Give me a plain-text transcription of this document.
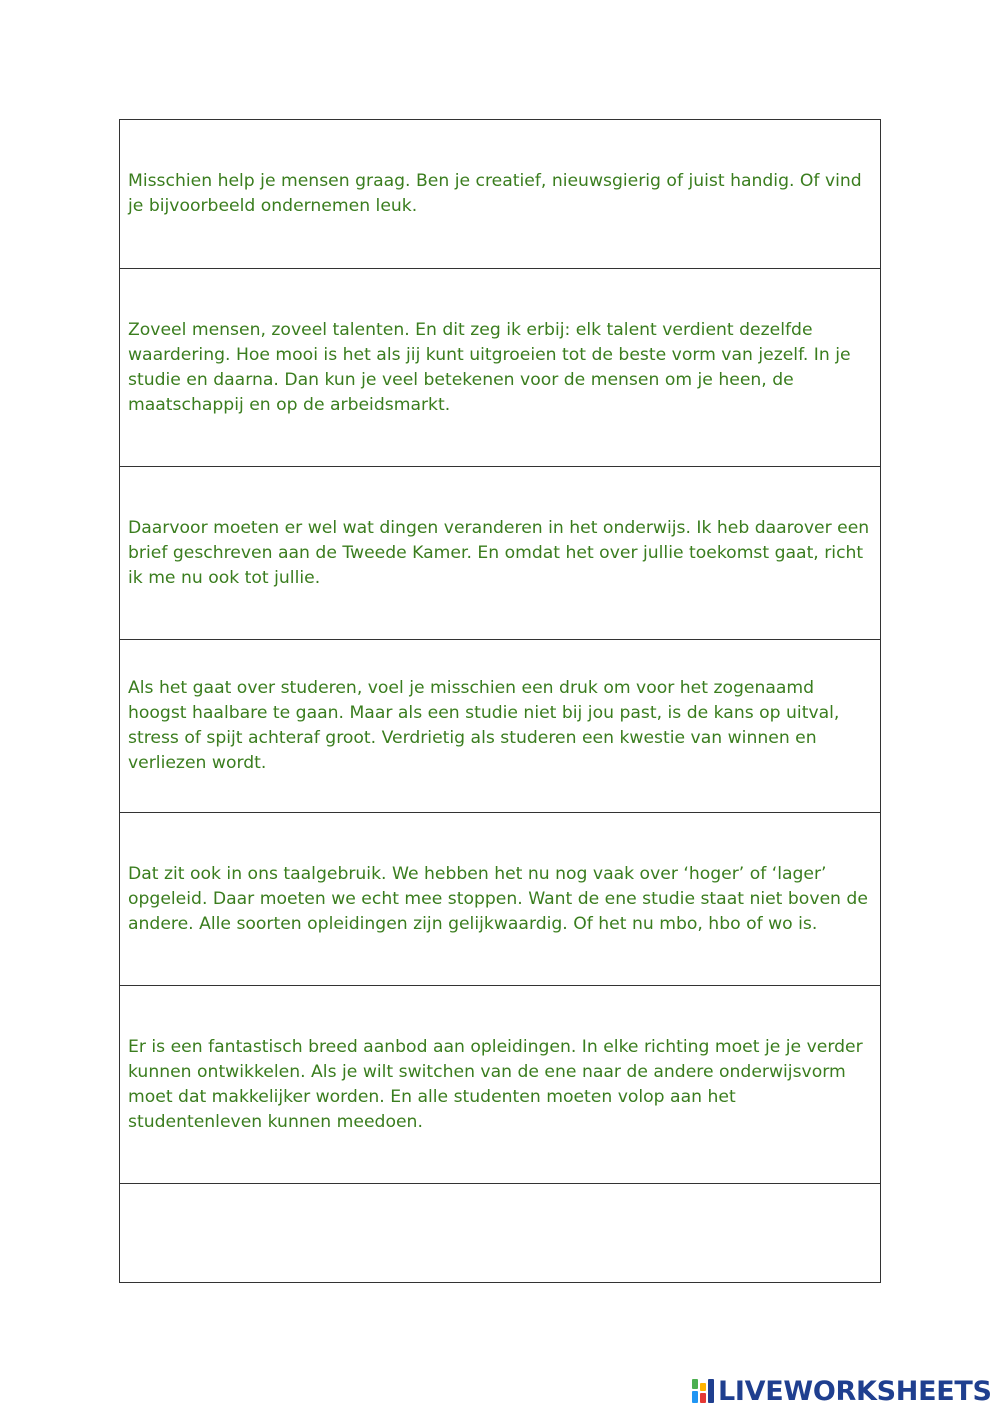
Misschien help je mensen graag. Ben je creatief, nieuwsgierig of juist handig. Of vind je bijvoorbeeld ondernemen leuk.

Zoveel mensen, zoveel talenten. En dit zeg ik erbij: elk talent verdient dezelfde waardering. Hoe mooi is het als jij kunt uitgroeien tot de beste vorm van jezelf. In je studie en daarna. Dan kun je veel betekenen voor de mensen om je heen, de maatschappij en op de arbeidsmarkt.

Daarvoor moeten er wel wat dingen veranderen in het onderwijs. Ik heb daarover een brief geschreven aan de Tweede Kamer. En omdat het over jullie toekomst gaat, richt ik me nu ook tot jullie.

Als het gaat over studeren, voel je misschien een druk om voor het zogenaamd hoogst haalbare te gaan. Maar als een studie niet bij jou past, is de kans op uitval, stress of spijt achteraf groot. Verdrietig als studeren een kwestie van winnen en verliezen wordt.

Dat zit ook in ons taalgebruik. We hebben het nu nog vaak over ‘hoger’ of ‘lager’ opgeleid. Daar moeten we echt mee stoppen. Want de ene studie staat niet boven de andere. Alle soorten opleidingen zijn gelijkwaardig. Of het nu mbo, hbo of wo is.

Er is een fantastisch breed aanbod aan opleidingen. In elke richting moet je je verder kunnen ontwikkelen. Als je wilt switchen van de ene naar de andere onderwijsvorm moet dat makkelijker worden. En alle studenten moeten volop aan het studentenleven kunnen meedoen.

LIVEWORKSHEETS
